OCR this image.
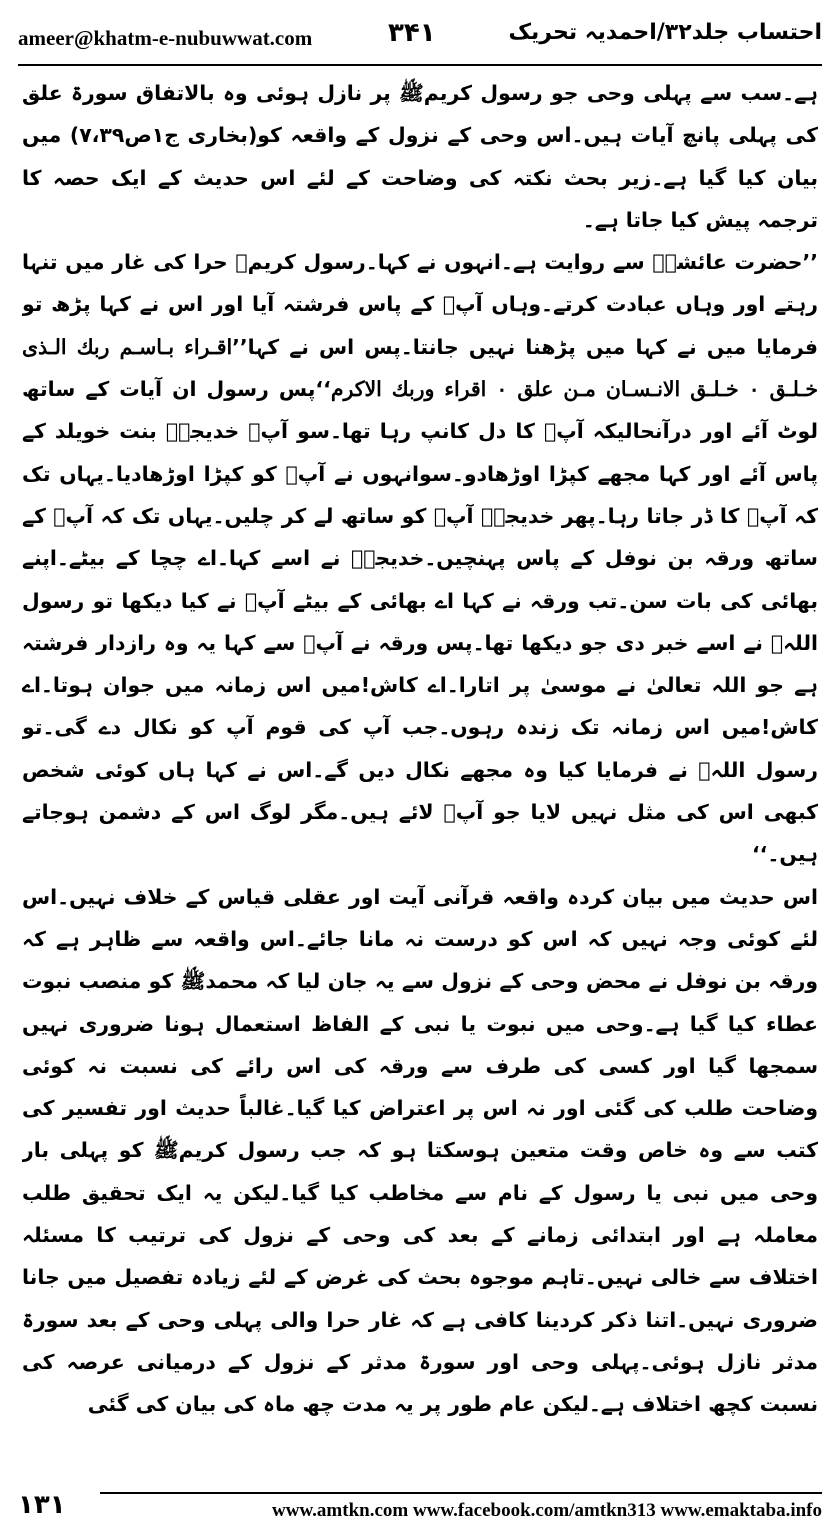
ameer@khatm-e-nubuwwat.com	۳۴۱	احتساب جلد۳۲/احمدیہ تحریک

ہے۔سب سے پہلی وحی جو رسول کریمﷺ پر نازل ہوئی وہ بالاتفاق سورۃ علق کی پہلی پانچ آیات ہیں۔اس وحی کے نزول کے واقعہ کو(بخاری ج۱ص۷،۳۹) میں بیان کیا گیا ہے۔زیر بحث نکتہ کی وضاحت کے لئے اس حدیث کے ایک حصہ کا ترجمہ پیش کیا جاتا ہے۔

’’حضرت عائشہؓ سے روایت ہے۔انہوں نے کہا۔رسول کریمﷺ حرا کی غار میں تنہا رہتے اور وہاں عبادت کرتے۔وہاں آپؐ کے پاس فرشتہ آیا اور اس نے کہا پڑھ تو فرمایا میں نے کہا میں پڑھنا نہیں جانتا۔پس اس نے کہا’’اقـراء بـاسـم ربك الـذى خـلـق ۰ خـلـق الانـسـان مـن علق ۰ اقراء وربك الاكرم‘‘پس رسول ان آیات کے ساتھ لوٹ آئے اور درآنحالیکہ آپؐ کا دل کانپ رہا تھا۔سو آپؐ خدیجہؓ بنت خویلد کے پاس آئے اور کہا مجھے کپڑا اوڑھادو۔سوانہوں نے آپؐ کو کپڑا اوڑھادیا۔یہاں تک کہ آپؐ کا ڈر جاتا رہا۔پھر خدیجہؓ آپؐ کو ساتھ لے کر چلیں۔یہاں تک کہ آپؐ کے ساتھ ورقہ بن نوفل کے پاس پہنچیں۔خدیجہؓ نے اسے کہا۔اے چچا کے بیٹے۔اپنے بھائی کی بات سن۔تب ورقہ نے کہا اے بھائی کے بیٹے آپؐ نے کیا دیکھا تو رسول اللہﷺ نے اسے خبر دی جو دیکھا تھا۔پس ورقہ نے آپؐ سے کہا یہ وہ رازدار فرشتہ ہے جو اللہ تعالیٰ نے موسیٰ پر اتارا۔اے کاش!میں اس زمانہ میں جوان ہوتا۔اے کاش!میں اس زمانہ تک زندہ رہوں۔جب آپ کی قوم آپ کو نکال دے گی۔تو رسول اللہﷺ نے فرمایا کیا وہ مجھے نکال دیں گے۔اس نے کہا ہاں کوئی شخص کبھی اس کی مثل نہیں لایا جو آپؐ لائے ہیں۔مگر لوگ اس کے دشمن ہوجاتے ہیں۔‘‘

اس حدیث میں بیان کردہ واقعہ قرآنی آیت اور عقلی قیاس کے خلاف نہیں۔اس لئے کوئی وجہ نہیں کہ اس کو درست نہ مانا جائے۔اس واقعہ سے ظاہر ہے کہ ورقہ بن نوفل نے محض وحی کے نزول سے یہ جان لیا کہ محمدﷺ کو منصب نبوت عطاء کیا گیا ہے۔وحی میں نبوت یا نبی کے الفاظ استعمال ہونا ضروری نہیں سمجھا گیا اور کسی کی طرف سے ورقہ کی اس رائے کی نسبت نہ کوئی وضاحت طلب کی گئی اور نہ اس پر اعتراض کیا گیا۔غالباً حدیث اور تفسیر کی کتب سے وہ خاص وقت متعین ہوسکتا ہو کہ جب رسول کریمﷺ کو پہلی بار وحی میں نبی یا رسول کے نام سے مخاطب کیا گیا۔لیکن یہ ایک تحقیق طلب معاملہ ہے اور ابتدائی زمانے کے بعد کی وحی کے نزول کی ترتیب کا مسئلہ اختلاف سے خالی نہیں۔تاہم موجوہ بحث کی غرض کے لئے زیادہ تفصیل میں جانا ضروری نہیں۔اتنا ذکر کردینا کافی ہے کہ غار حرا والی پہلی وحی کے بعد سورۃ مدثر نازل ہوئی۔پہلی وحی اور سورۃ مدثر کے نزول کے درمیانی عرصہ کی نسبت کچھ اختلاف ہے۔لیکن عام طور پر یہ مدت چھ ماہ کی بیان کی گئی

۱۳۱	www.amtkn.com www.facebook.com/amtkn313 www.emaktaba.info
